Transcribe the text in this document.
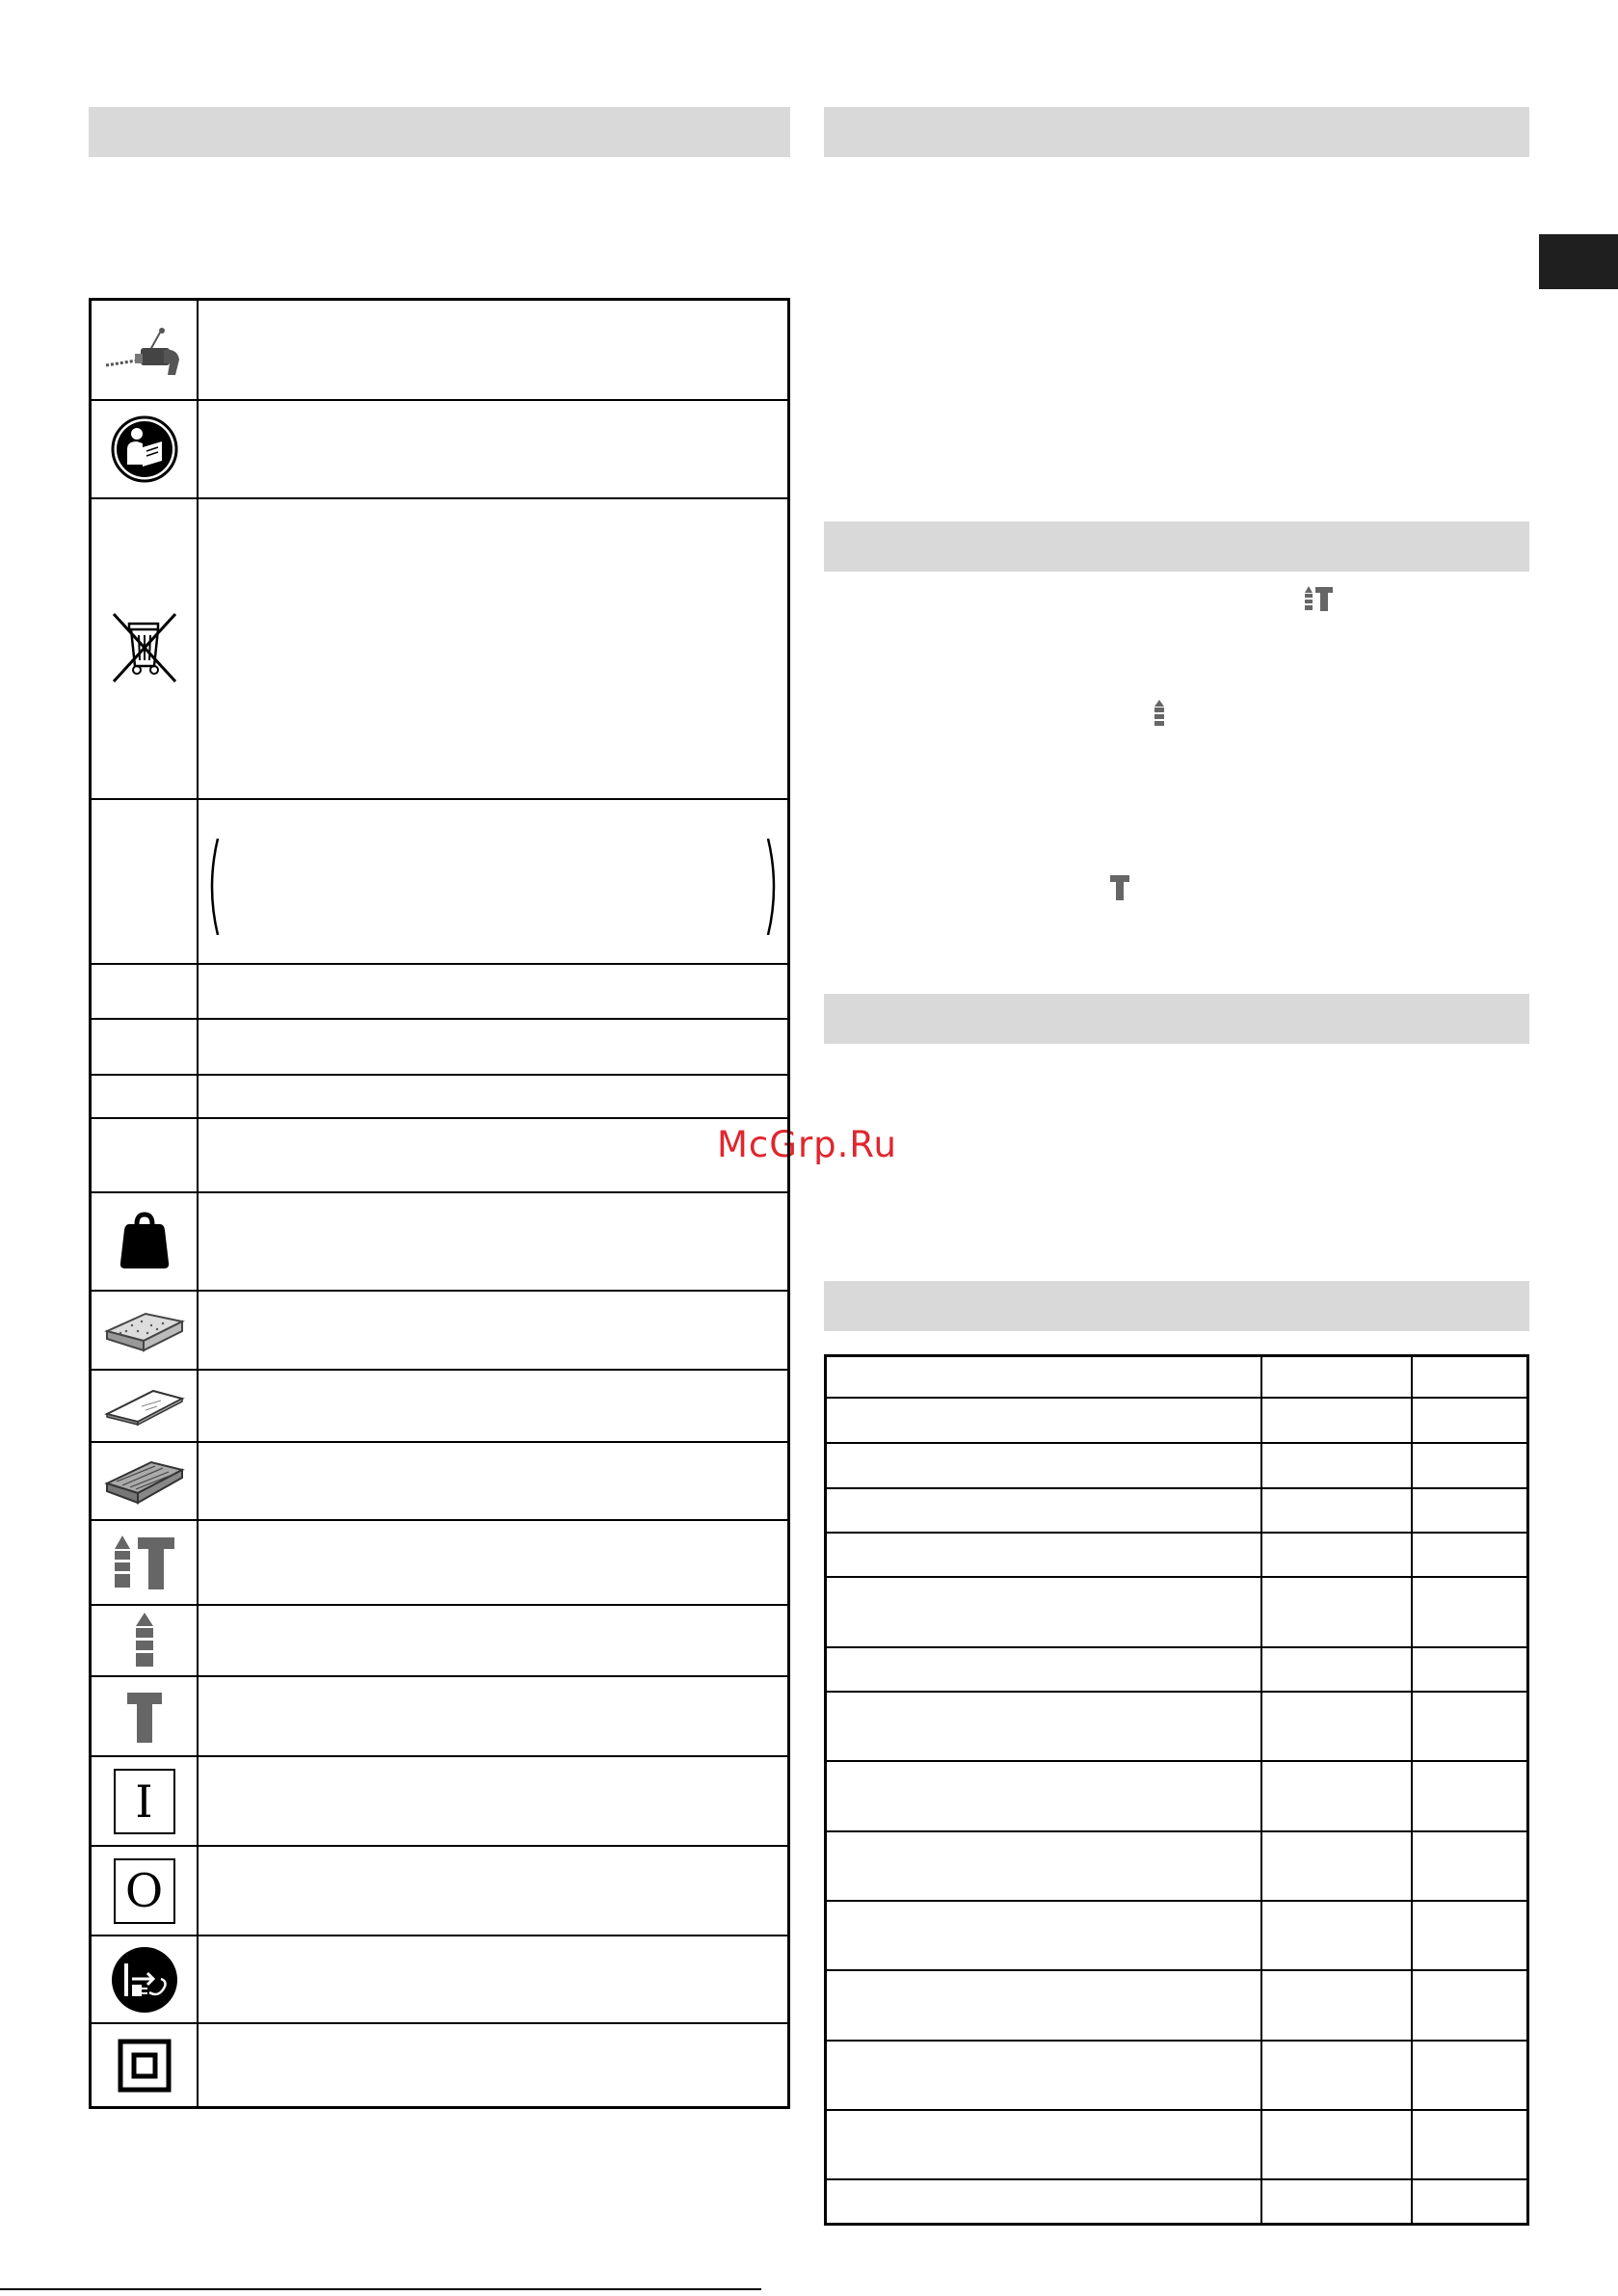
McGrp.Ru
I
O
